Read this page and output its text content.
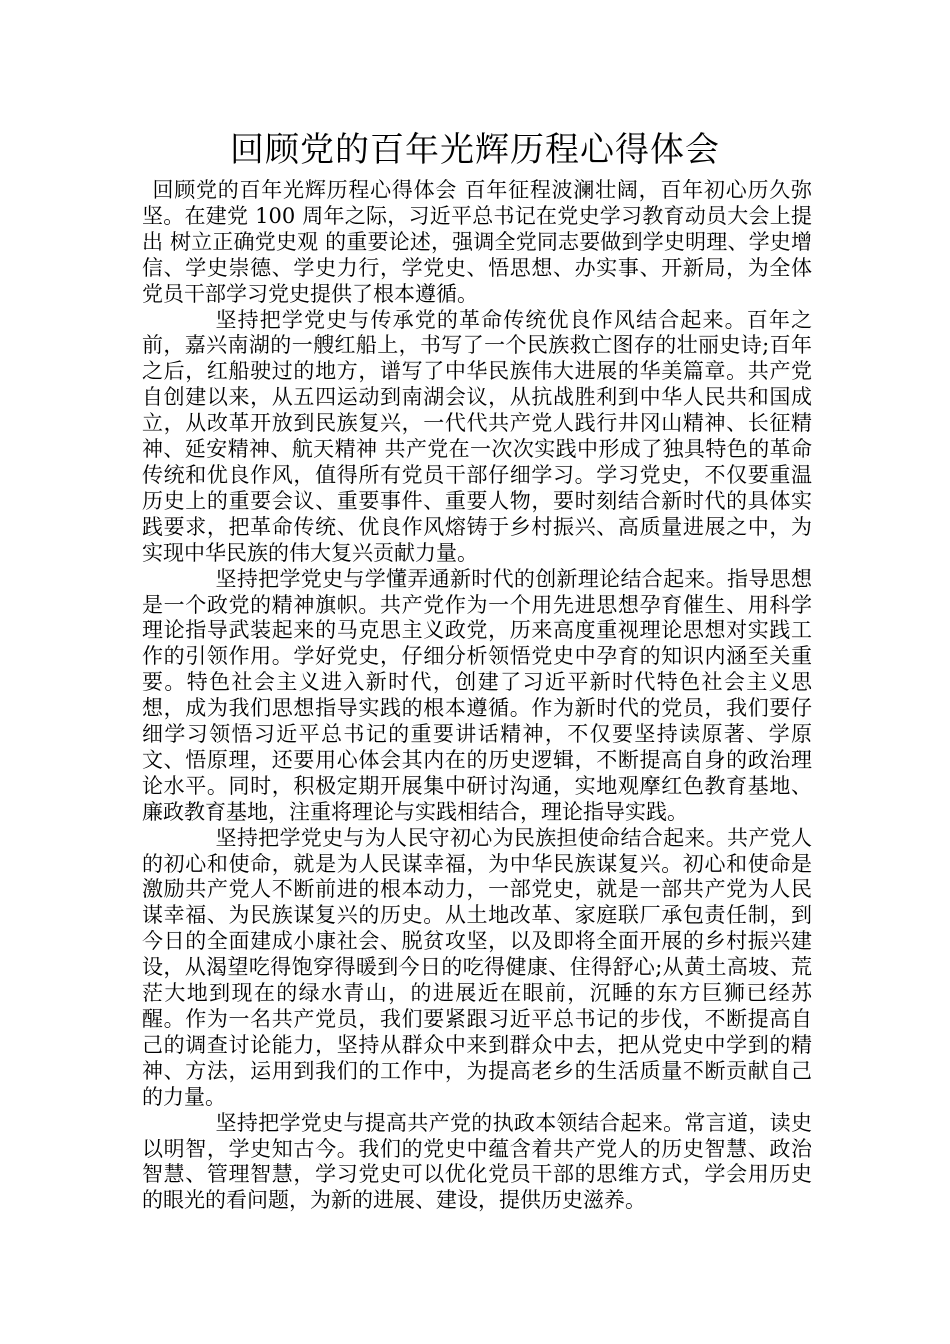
回顾党的百年光辉历程心得体会

回顾党的百年光辉历程心得体会 百年征程波澜壮阔，百年初心历久弥坚。在建党 100 周年之际，习近平总书记在党史学习教育动员大会上提出 树立正确党史观 的重要论述，强调全党同志要做到学史明理、学史增信、学史崇德、学史力行，学党史、悟思想、办实事、开新局，为全体党员干部学习党史提供了根本遵循。

坚持把学党史与传承党的革命传统优良作风结合起来。百年之前，嘉兴南湖的一艘红船上，书写了一个民族救亡图存的壮丽史诗;百年之后，红船驶过的地方，谱写了中华民族伟大进展的华美篇章。共产党自创建以来，从五四运动到南湖会议，从抗战胜利到中华人民共和国成立，从改革开放到民族复兴，一代代共产党人践行井冈山精神、长征精神、延安精神、航天精神 共产党在一次次实践中形成了独具特色的革命传统和优良作风，值得所有党员干部仔细学习。学习党史，不仅要重温历史上的重要会议、重要事件、重要人物，要时刻结合新时代的具体实践要求，把革命传统、优良作风熔铸于乡村振兴、高质量进展之中，为实现中华民族的伟大复兴贡献力量。

坚持把学党史与学懂弄通新时代的创新理论结合起来。指导思想是一个政党的精神旗帜。共产党作为一个用先进思想孕育催生、用科学理论指导武装起来的马克思主义政党，历来高度重视理论思想对实践工作的引领作用。学好党史，仔细分析领悟党史中孕育的知识内涵至关重要。特色社会主义进入新时代，创建了习近平新时代特色社会主义思想，成为我们思想指导实践的根本遵循。作为新时代的党员，我们要仔细学习领悟习近平总书记的重要讲话精神，不仅要坚持读原著、学原文、悟原理，还要用心体会其内在的历史逻辑，不断提高自身的政治理论水平。同时，积极定期开展集中研讨沟通，实地观摩红色教育基地、廉政教育基地，注重将理论与实践相结合，理论指导实践。

坚持把学党史与为人民守初心为民族担使命结合起来。共产党人的初心和使命，就是为人民谋幸福，为中华民族谋复兴。初心和使命是激励共产党人不断前进的根本动力，一部党史，就是一部共产党为人民谋幸福、为民族谋复兴的历史。从土地改革、家庭联厂承包责任制，到今日的全面建成小康社会、脱贫攻坚，以及即将全面开展的乡村振兴建设，从渴望吃得饱穿得暖到今日的吃得健康、住得舒心;从黄土高坡、荒茫大地到现在的绿水青山，的进展近在眼前，沉睡的东方巨狮已经苏醒。作为一名共产党员，我们要紧跟习近平总书记的步伐，不断提高自己的调查讨论能力，坚持从群众中来到群众中去，把从党史中学到的精神、方法，运用到我们的工作中，为提高老乡的生活质量不断贡献自己的力量。

坚持把学党史与提高共产党的执政本领结合起来。常言道，读史以明智，学史知古今。我们的党史中蕴含着共产党人的历史智慧、政治智慧、管理智慧，学习党史可以优化党员干部的思维方式，学会用历史的眼光的看问题，为新的进展、建设，提供历史滋养。
